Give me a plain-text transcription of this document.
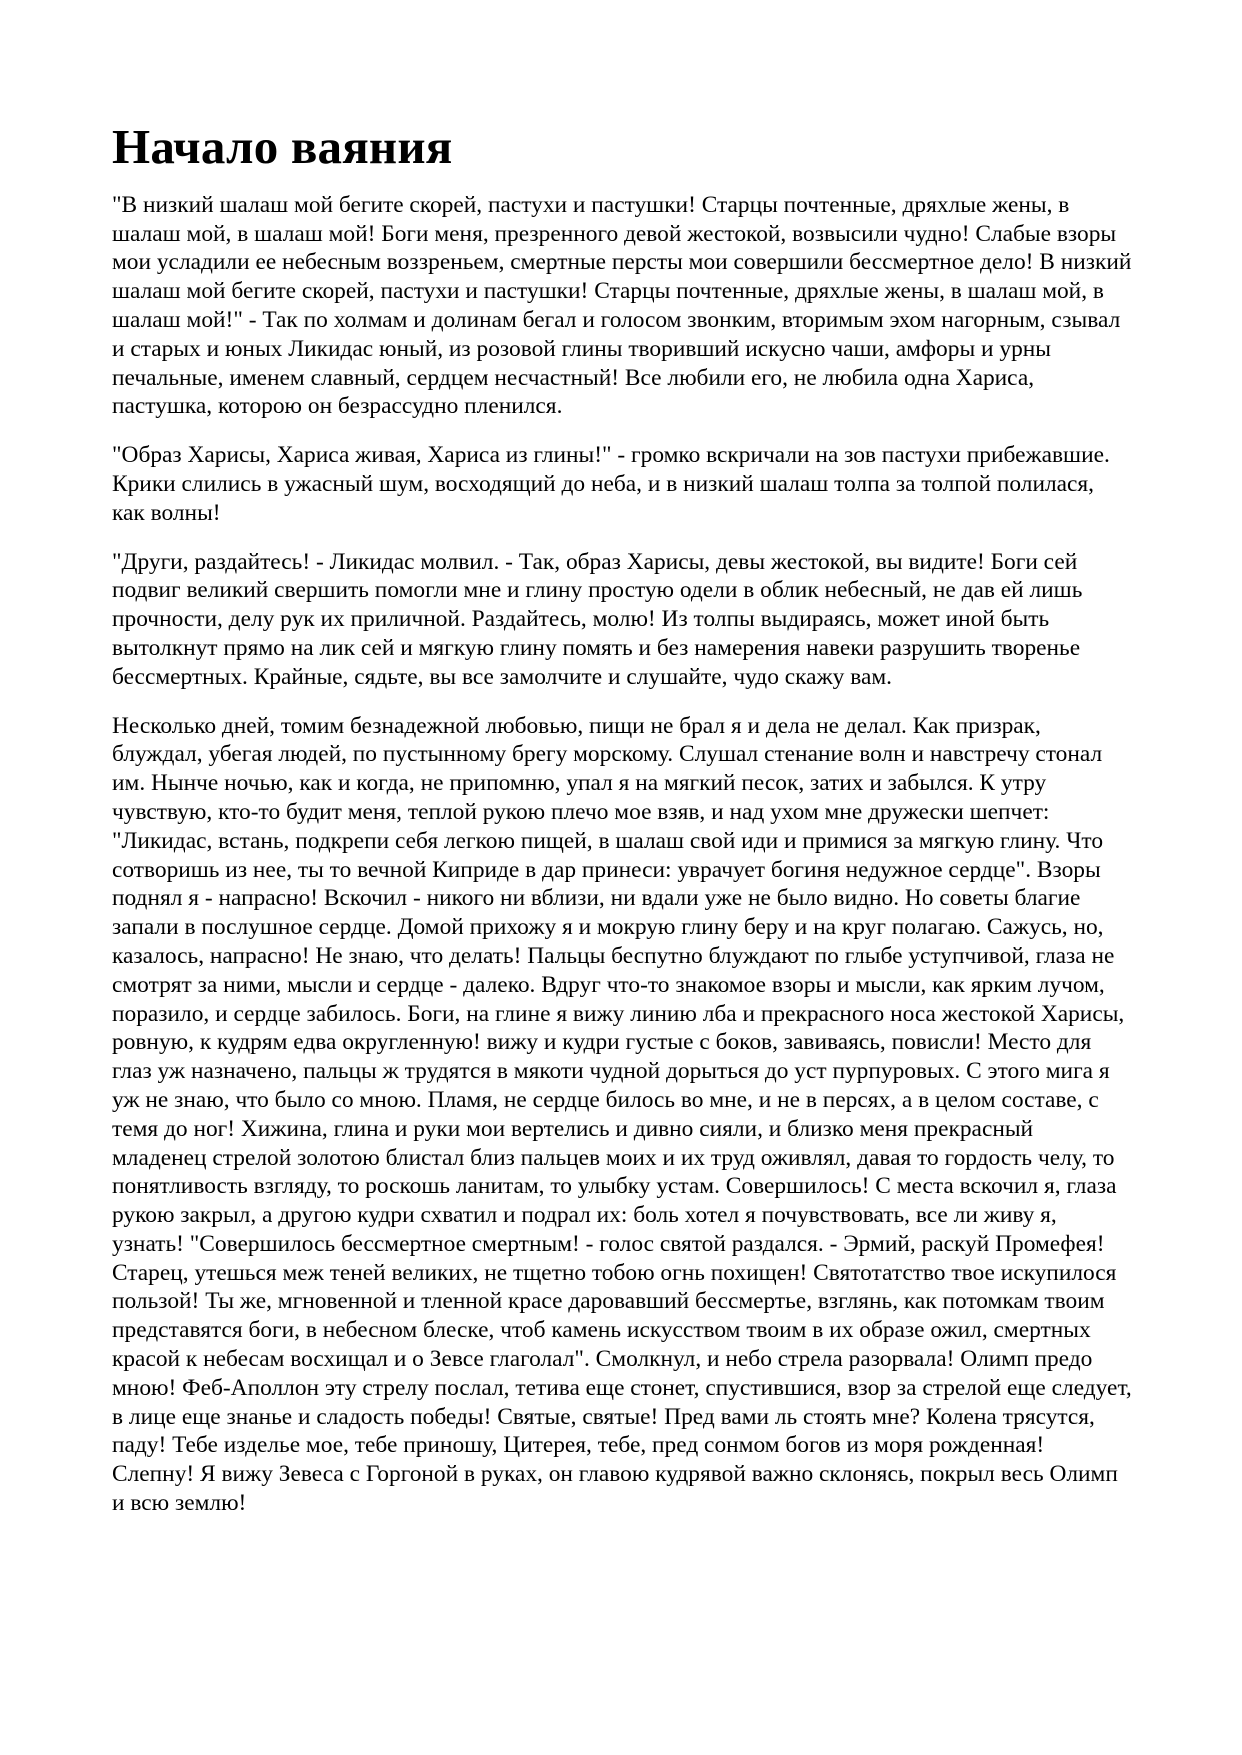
Начало ваяния

"В низкий шалаш мой бегите скорей, пастухи и пастушки! Старцы почтенные, дряхлые жены, в шалаш мой, в шалаш мой! Боги меня, презренного девой жестокой, возвысили чудно! Слабые взоры мои усладили ее небесным воззреньем, смертные персты мои совершили бессмертное дело! В низкий шалаш мой бегите скорей, пастухи и пастушки! Старцы почтенные, дряхлые жены, в шалаш мой, в шалаш мой!" - Так по холмам и долинам бегал и голосом звонким, вторимым эхом нагорным, сзывал и старых и юных Ликидас юный, из розовой глины творивший искусно чаши, амфоры и урны печальные, именем славный, сердцем несчастный! Все любили его, не любила одна Хариса, пастушка, которою он безрассудно пленился.

"Образ Харисы, Хариса живая, Хариса из глины!" - громко вскричали на зов пастухи прибежавшие. Крики слились в ужасный шум, восходящий до неба, и в низкий шалаш толпа за толпой полилася, как волны!

"Други, раздайтесь! - Ликидас молвил. - Так, образ Харисы, девы жестокой, вы видите! Боги сей подвиг великий свершить помогли мне и глину простую одели в облик небесный, не дав ей лишь прочности, делу рук их приличной. Раздайтесь, молю! Из толпы выдираясь, может иной быть вытолкнут прямо на лик сей и мягкую глину помять и без намерения навеки разрушить творенье бессмертных. Крайные, сядьте, вы все замолчите и слушайте, чудо скажу вам.

Несколько дней, томим безнадежной любовью, пищи не брал я и дела не делал. Как призрак, блуждал, убегая людей, по пустынному брегу морскому. Слушал стенание волн и навстречу стонал им. Нынче ночью, как и когда, не припомню, упал я на мягкий песок, затих и забылся. К утру чувствую, кто-то будит меня, теплой рукою плечо мое взяв, и над ухом мне дружески шепчет: "Ликидас, встань, подкрепи себя легкою пищей, в шалаш свой иди и примися за мягкую глину. Что сотворишь из нее, ты то вечной Киприде в дар принеси: уврачует богиня недужное сердце". Взоры поднял я - напрасно! Вскочил - никого ни вблизи, ни вдали уже не было видно. Но советы благие запали в послушное сердце. Домой прихожу я и мокрую глину беру и на круг полагаю. Сажусь, но, казалось, напрасно! Не знаю, что делать! Пальцы беспутно блуждают по глыбе уступчивой, глаза не смотрят за ними, мысли и сердце - далеко. Вдруг что-то знакомое взоры и мысли, как ярким лучом, поразило, и сердце забилось. Боги, на глине я вижу линию лба и прекрасного носа жестокой Харисы, ровную, к кудрям едва округленную! вижу и кудри густые с боков, завиваясь, повисли! Место для глаз уж назначено, пальцы ж трудятся в мякоти чудной дорыться до уст пурпуровых. С этого мига я уж не знаю, что было со мною. Пламя, не сердце билось во мне, и не в персях, а в целом составе, с темя до ног! Хижина, глина и руки мои вертелись и дивно сияли, и близко меня прекрасный младенец стрелой золотою блистал близ пальцев моих и их труд оживлял, давая то гордость челу, то понятливость взгляду, то роскошь ланитам, то улыбку устам. Совершилось! С места вскочил я, глаза рукою закрыл, а другою кудри схватил и подрал их: боль хотел я почувствовать, все ли живу я, узнать! "Совершилось бессмертное смертным! - голос святой раздался. - Эрмий, раскуй Промефея! Старец, утешься меж теней великих, не тщетно тобою огнь похищен! Святотатство твое искупилося пользой! Ты же, мгновенной и тленной красе даровавший бессмертье, взглянь, как потомкам твоим представятся боги, в небесном блеске, чтоб камень искусством твоим в их образе ожил, смертных красой к небесам восхищал и о Зевсе глаголал". Смолкнул, и небо стрела разорвала! Олимп предо мною! Феб-Аполлон эту стрелу послал, тетива еще стонет, спустившися, взор за стрелой еще следует, в лице еще знанье и сладость победы! Святые, святые! Пред вами ль стоять мне? Колена трясутся, паду! Тебе изделье мое, тебе приношу, Цитерея, тебе, пред сонмом богов из моря рожденная! Слепну! Я вижу Зевеса с Горгоной в руках, он главою кудрявой важно склонясь, покрыл весь Олимп и всю землю!
